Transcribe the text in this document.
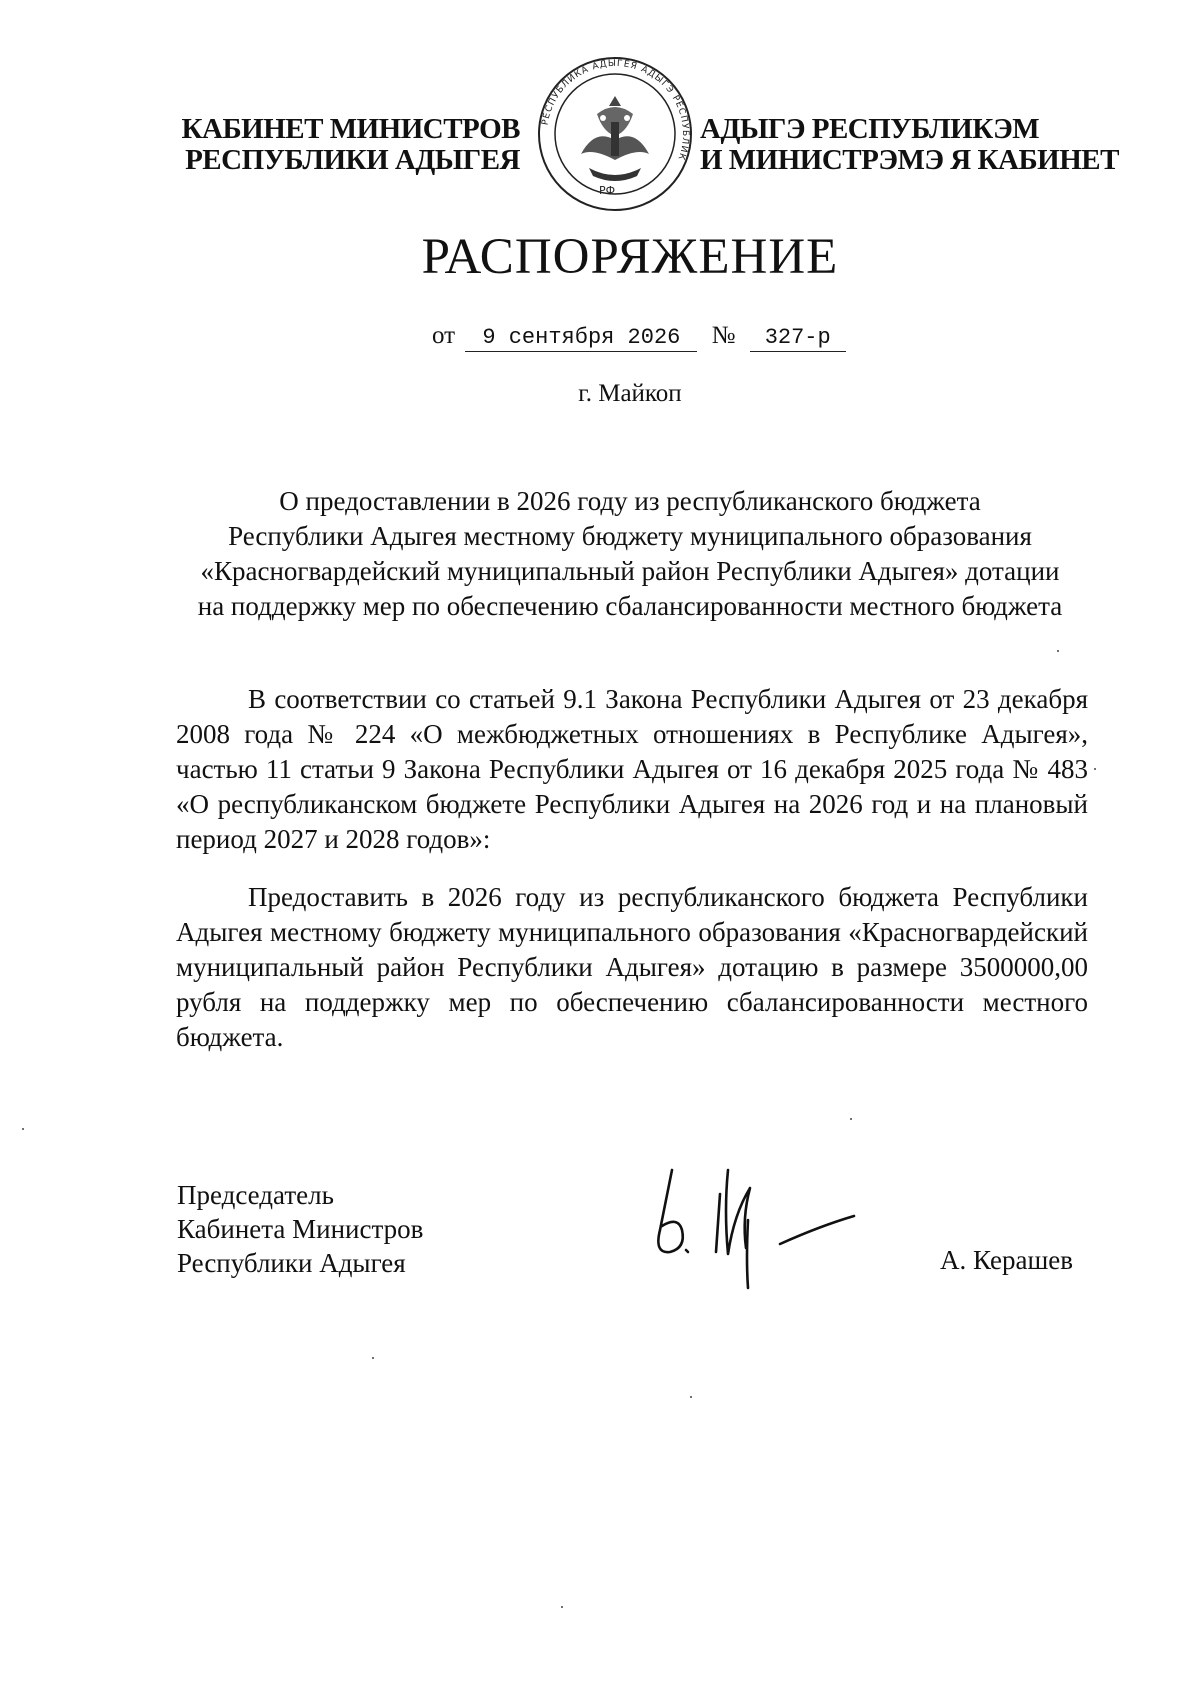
КАБИНЕТ МИНИСТРОВ
РЕСПУБЛИКИ АДЫГЕЯ
РЕСПУБЛИКА АДЫГЕЯ АДЫГЭ РЕСПУБЛИК
РФ
АДЫГЭ РЕСПУБЛИКЭМ
И МИНИСТРЭМЭ Я КАБИНЕТ
РАСПОРЯЖЕНИЕ
от 9 сентября 2026 № 327-р
г. Майкоп
О предоставлении в 2026 году из республиканского бюджета
Республики Адыгея местному бюджету муниципального образования
«Красногвардейский муниципальный район Республики Адыгея» дотации
на поддержку мер по обеспечению сбалансированности местного бюджета
В соответствии со статьей 9.1 Закона Республики Адыгея от 23 декабря 2008 года № 224 «О межбюджетных отношениях в Республике Адыгея», частью 11 статьи 9 Закона Республики Адыгея от 16 декабря 2025 года № 483 «О республиканском бюджете Республики Адыгея на 2026 год и на плановый период 2027 и 2028 годов»:
Предоставить в 2026 году из республиканского бюджета Республики Адыгея местному бюджету муниципального образования «Красногвардейский муниципальный район Республики Адыгея» дотацию в размере 3500000,00 рубля на поддержку мер по обеспечению сбалансированности местного бюджета.
Председатель
Кабинета Министров
Республики Адыгея	А. Керашев
